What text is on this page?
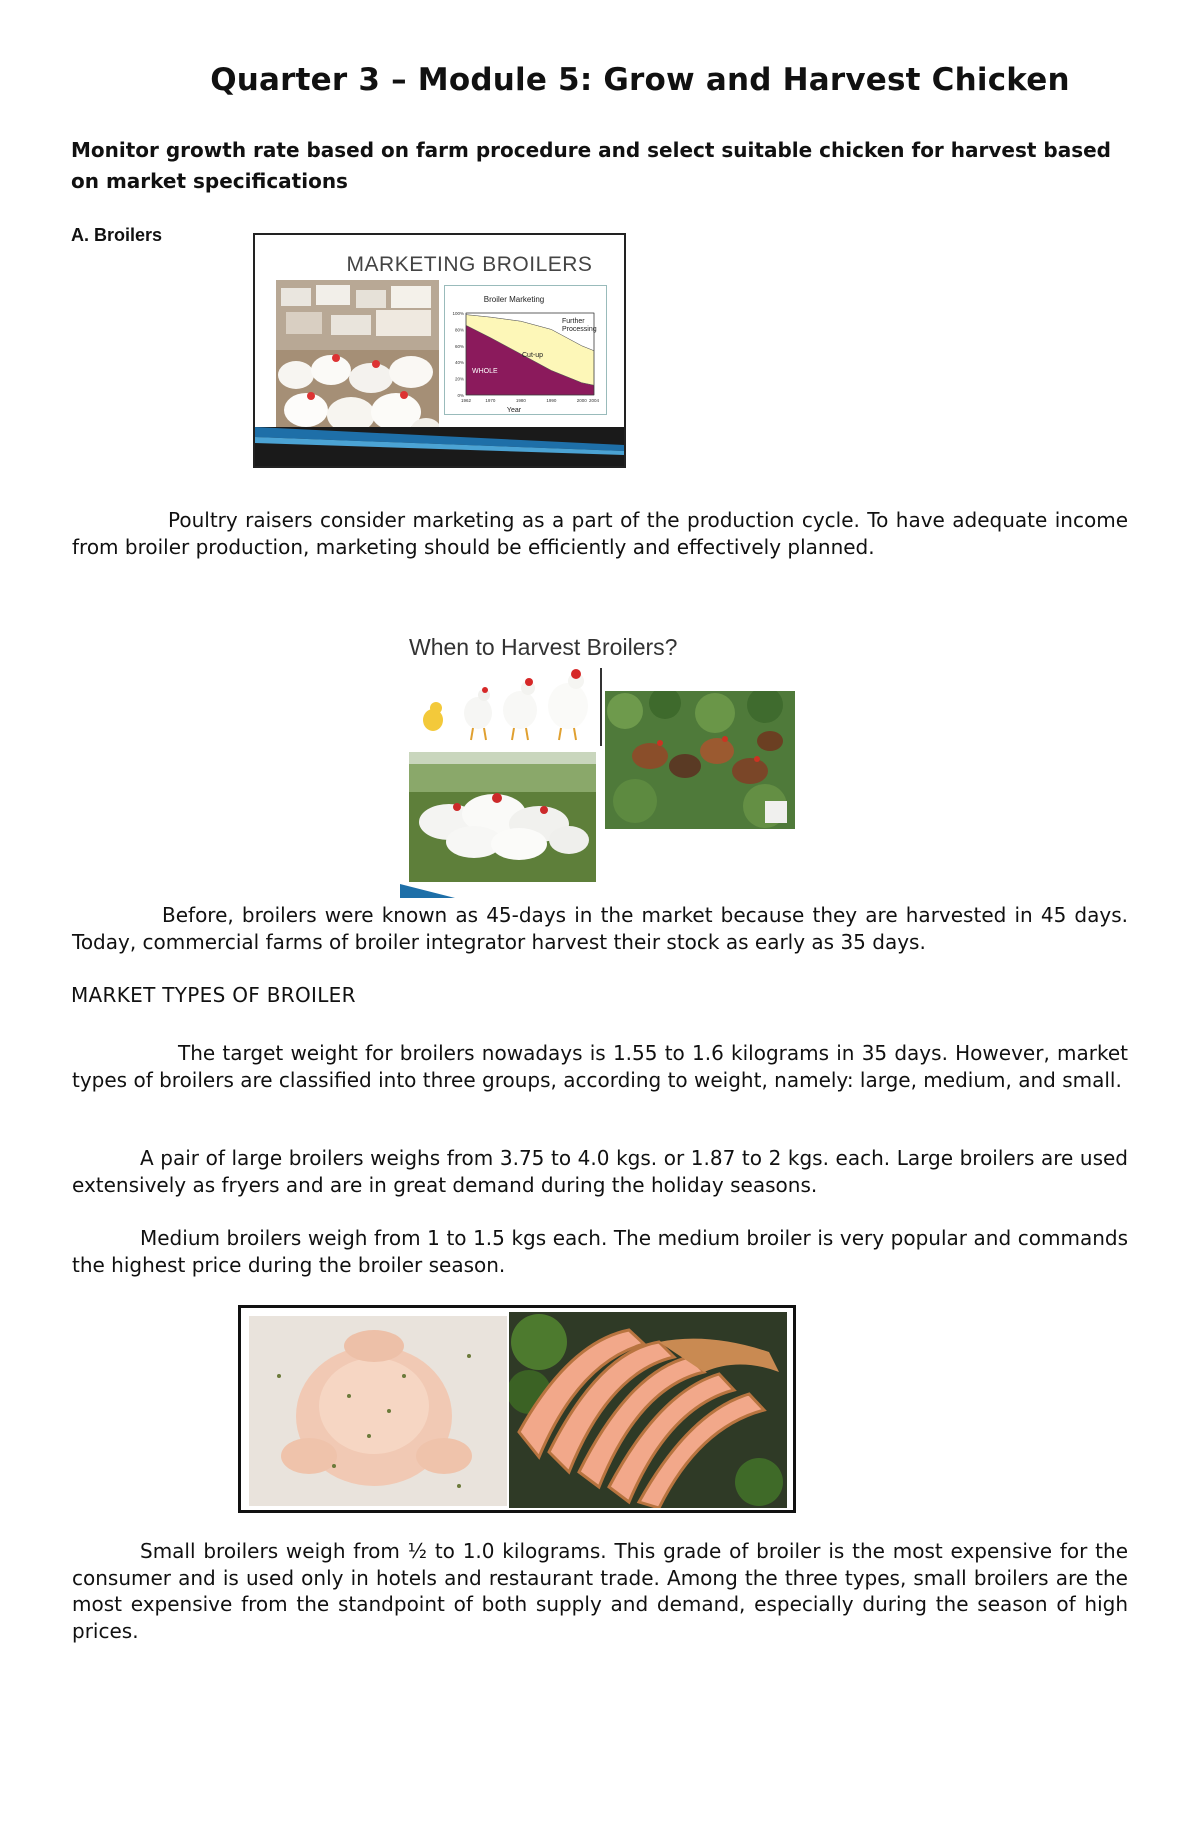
Quarter 3 – Module 5: Grow and Harvest Chicken
Monitor growth rate based on farm procedure and select suitable chicken for harvest based on market specifications
A. Broilers
MARKETING BROILERS
Broiler Marketing
0%
20%
40%
60%
80%
100%
1962	1970	1980	1990	2000 2004
Further Processing
Cut-up
WHOLE
Year

Poultry raisers consider marketing as a part of the production cycle. To have adequate income from broiler production, marketing should be efficiently and effectively planned.

When to Harvest Broilers?

Before, broilers were known as 45-days in the market because they are harvested in 45 days. Today, commercial farms of broiler integrator harvest their stock as early as 35 days.

MARKET TYPES OF BROILER

The target weight for broilers nowadays is 1.55 to 1.6 kilograms in 35 days. However, market types of broilers are classified into three groups, according to weight, namely: large, medium, and small.

A pair of large broilers weighs from 3.75 to 4.0 kgs. or 1.87 to 2 kgs. each. Large broilers are used extensively as fryers and are in great demand during the holiday seasons.

Medium broilers weigh from 1 to 1.5 kgs each. The medium broiler is very popular and commands the highest price during the broiler season.

Small broilers weigh from ½ to 1.0 kilograms. This grade of broiler is the most expensive for the consumer and is used only in hotels and restaurant trade. Among the three types, small broilers are the most expensive from the standpoint of both supply and demand, especially during the season of high prices.
